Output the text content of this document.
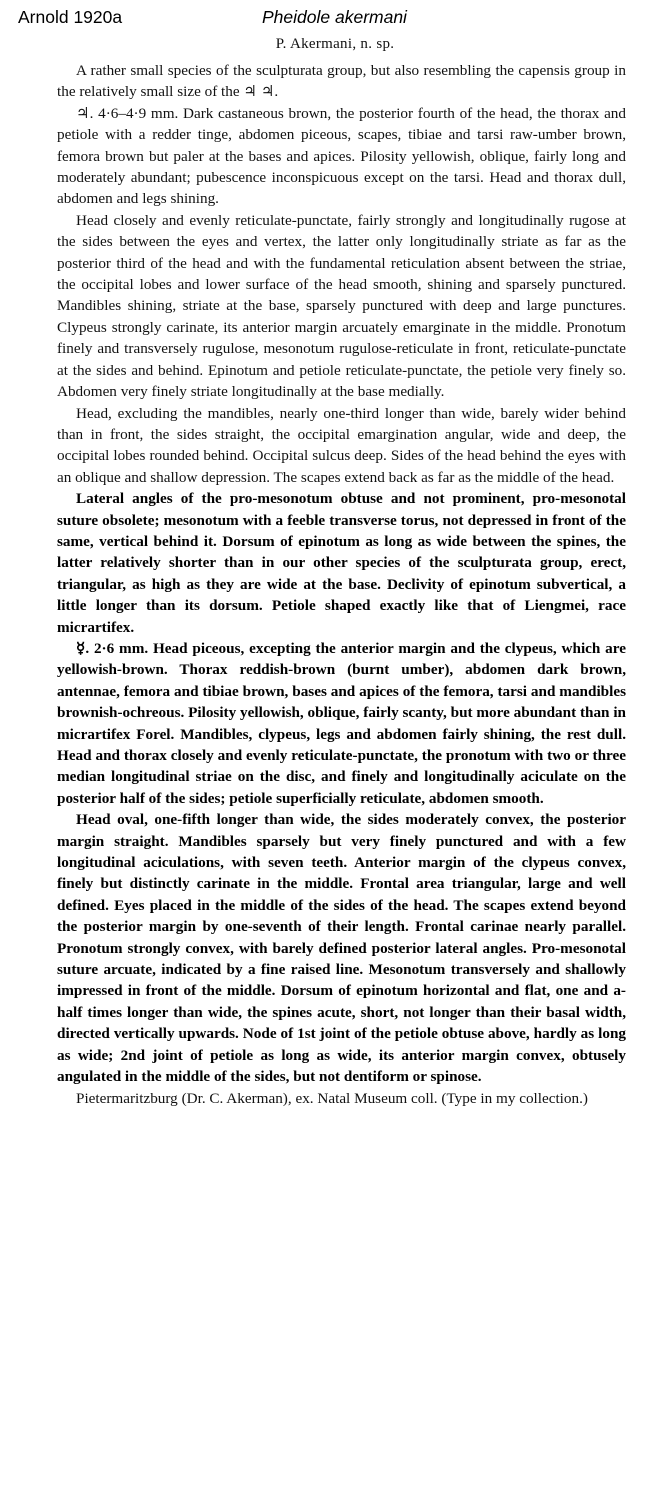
Arnold 1920a	Pheidole akermani
P. Akermani, n. sp.

A rather small species of the sculpturata group, but also resembling the capensis group in the relatively small size of the ♃ ♃.

♃. 4·6–4·9 mm. Dark castaneous brown, the posterior fourth of the head, the thorax and petiole with a redder tinge, abdomen piceous, scapes, tibiae and tarsi raw-umber brown, femora brown but paler at the bases and apices. Pilosity yellowish, oblique, fairly long and moderately abundant; pubescence inconspicuous except on the tarsi. Head and thorax dull, abdomen and legs shining.

Head closely and evenly reticulate-punctate, fairly strongly and longitudinally rugose at the sides between the eyes and vertex, the latter only longitudinally striate as far as the posterior third of the head and with the fundamental reticulation absent between the striae, the occipital lobes and lower surface of the head smooth, shining and sparsely punctured. Mandibles shining, striate at the base, sparsely punctured with deep and large punctures. Clypeus strongly carinate, its anterior margin arcuately emarginate in the middle. Pronotum finely and transversely rugulose, mesonotum rugulose-reticulate in front, reticulate-punctate at the sides and behind. Epinotum and petiole reticulate-punctate, the petiole very finely so. Abdomen very finely striate longitudinally at the base medially.

Head, excluding the mandibles, nearly one-third longer than wide, barely wider behind than in front, the sides straight, the occipital emargination angular, wide and deep, the occipital lobes rounded behind. Occipital sulcus deep. Sides of the head behind the eyes with an oblique and shallow depression. The scapes extend back as far as the middle of the head.

Lateral angles of the pro-mesonotum obtuse and not prominent, pro-mesonotal suture obsolete; mesonotum with a feeble transverse torus, not depressed in front of the same, vertical behind it. Dorsum of epinotum as long as wide between the spines, the latter relatively shorter than in our other species of the sculpturata group, erect, triangular, as high as they are wide at the base. Declivity of epinotum subvertical, a little longer than its dorsum. Petiole shaped exactly like that of Liengmei, race micrartifex.

☿. 2·6 mm. Head piceous, excepting the anterior margin and the clypeus, which are yellowish-brown. Thorax reddish-brown (burnt umber), abdomen dark brown, antennae, femora and tibiae brown, bases and apices of the femora, tarsi and mandibles brownish-ochreous. Pilosity yellowish, oblique, fairly scanty, but more abundant than in micrartifex Forel. Mandibles, clypeus, legs and abdomen fairly shining, the rest dull. Head and thorax closely and evenly reticulate-punctate, the pronotum with two or three median longitudinal striae on the disc, and finely and longitudinally aciculate on the posterior half of the sides; petiole superficially reticulate, abdomen smooth.

Head oval, one-fifth longer than wide, the sides moderately convex, the posterior margin straight. Mandibles sparsely but very finely punctured and with a few longitudinal aciculations, with seven teeth. Anterior margin of the clypeus convex, finely but distinctly carinate in the middle. Frontal area triangular, large and well defined. Eyes placed in the middle of the sides of the head. The scapes extend beyond the posterior margin by one-seventh of their length. Frontal carinae nearly parallel. Pronotum strongly convex, with barely defined posterior lateral angles. Pro-mesonotal suture arcuate, indicated by a fine raised line. Mesonotum transversely and shallowly impressed in front of the middle. Dorsum of epinotum horizontal and flat, one and a-half times longer than wide, the spines acute, short, not longer than their basal width, directed vertically upwards. Node of 1st joint of the petiole obtuse above, hardly as long as wide; 2nd joint of petiole as long as wide, its anterior margin convex, obtusely angulated in the middle of the sides, but not dentiform or spinose.

Pietermaritzburg (Dr. C. Akerman), ex. Natal Museum coll. (Type in my collection.)
